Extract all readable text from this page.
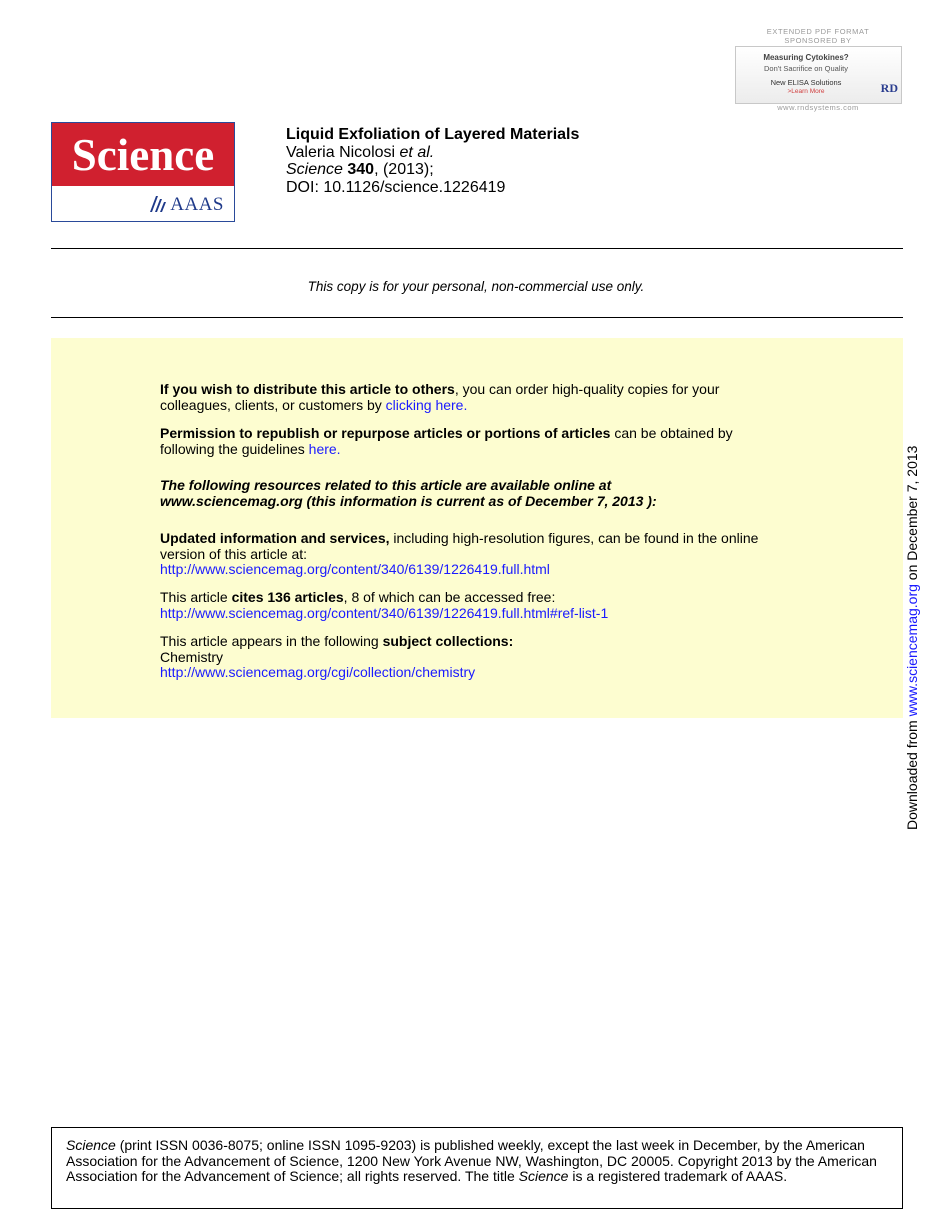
EXTENDED PDF FORMAT
SPONSORED BY
Measuring Cytokines?
Don't Sacrifice on Quality
New ELISA Solutions
>Learn More	RD
www.rndsystems.com
Science
AAAS
Liquid Exfoliation of Layered Materials
Valeria Nicolosi et al.
Science 340, (2013);
DOI: 10.1126/science.1226419
This copy is for your personal, non-commercial use only.
If you wish to distribute this article to others, you can order high-quality copies for your
colleagues, clients, or customers by clicking here.
Permission to republish or repurpose articles or portions of articles can be obtained by
following the guidelines here.
The following resources related to this article are available online at
www.sciencemag.org (this information is current as of December 7, 2013 ):
Updated information and services, including high-resolution figures, can be found in the online
version of this article at:
http://www.sciencemag.org/content/340/6139/1226419.full.html
This article cites 136 articles, 8 of which can be accessed free:
http://www.sciencemag.org/content/340/6139/1226419.full.html#ref-list-1
This article appears in the following subject collections:
Chemistry
http://www.sciencemag.org/cgi/collection/chemistry
Downloaded from www.sciencemag.org on December 7, 2013

Science (print ISSN 0036-8075; online ISSN 1095-9203) is published weekly, except the last week in December, by the American Association for the Advancement of Science, 1200 New York Avenue NW, Washington, DC 20005. Copyright 2013 by the American Association for the Advancement of Science; all rights reserved. The title Science is a registered trademark of AAAS.
